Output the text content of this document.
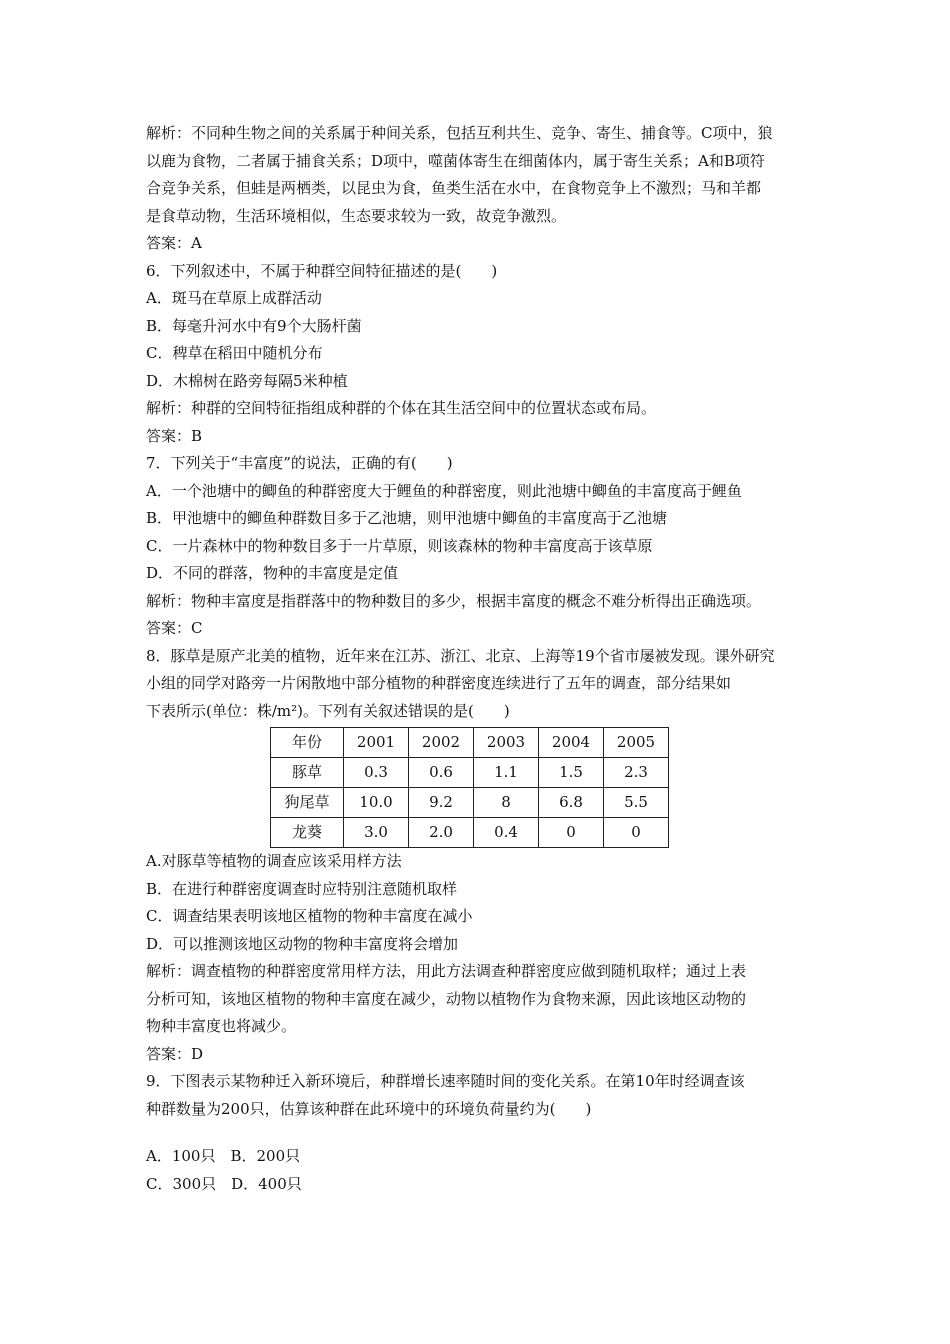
解析：不同种生物之间的关系属于种间关系，包括互利共生、竞争、寄生、捕食等。C项中，狼
以鹿为食物，二者属于捕食关系；D项中，噬菌体寄生在细菌体内，属于寄生关系；A和B项符
合竞争关系，但蛙是两栖类，以昆虫为食，鱼类生活在水中，在食物竞争上不激烈；马和羊都
是食草动物，生活环境相似，生态要求较为一致，故竞争激烈。
答案：A
6．下列叙述中，不属于种群空间特征描述的是(　　)
A．斑马在草原上成群活动
B．每毫升河水中有9个大肠杆菌
C．稗草在稻田中随机分布
D．木棉树在路旁每隔5米种植
解析：种群的空间特征指组成种群的个体在其生活空间中的位置状态或布局。
答案：B
7．下列关于“丰富度”的说法，正确的有(　　)
A．一个池塘中的鲫鱼的种群密度大于鲤鱼的种群密度，则此池塘中鲫鱼的丰富度高于鲤鱼
B．甲池塘中的鲫鱼种群数目多于乙池塘，则甲池塘中鲫鱼的丰富度高于乙池塘
C．一片森林中的物种数目多于一片草原，则该森林的物种丰富度高于该草原
D．不同的群落，物种的丰富度是定值
解析：物种丰富度是指群落中的物种数目的多少，根据丰富度的概念不难分析得出正确选项。
答案：C
8．豚草是原产北美的植物，近年来在江苏、浙江、北京、上海等19个省市屡被发现。课外研究
小组的同学对路旁一片闲散地中部分植物的种群密度连续进行了五年的调查，部分结果如
下表所示(单位：株/m²)。下列有关叙述错误的是(　　)
年份	2001	2002	2003	2004	2005
豚草	0.3	0.6	1.1	1.5	2.3
狗尾草	10.0	9.2	8	6.8	5.5
龙葵	3.0	2.0	0.4	0	0
A.对豚草等植物的调查应该采用样方法
B．在进行种群密度调查时应特别注意随机取样
C．调查结果表明该地区植物的物种丰富度在减小
D．可以推测该地区动物的物种丰富度将会增加
解析：调查植物的种群密度常用样方法，用此方法调查种群密度应做到随机取样；通过上表
分析可知，该地区植物的物种丰富度在减少，动物以植物作为食物来源，因此该地区动物的
物种丰富度也将减少。
答案：D
9．下图表示某物种迁入新环境后，种群增长速率随时间的变化关系。在第10年时经调查该
种群数量为200只，估算该种群在此环境中的环境负荷量约为(　　)
A．100只　B．200只
C．300只　D．400只
